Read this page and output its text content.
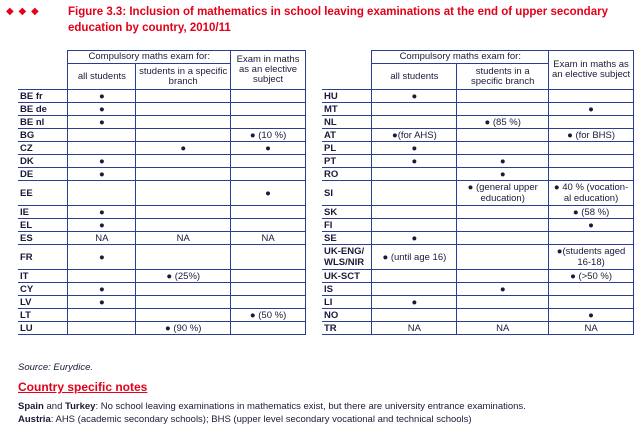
◆ ◆ ◆ Figure 3.3: Inclusion of mathematics in school leaving examinations at the end of upper secondary education by country, 2010/11
	Compulsory maths exam for:		Exam in maths as an elective subject
	all students	students in a specific branch	
BE fr	●		
BE de	●		
BE nl	●		
BG			● (10 %)
CZ		●	●
DK	●		
DE	●		
EE			●
IE	●		
EL	●		
ES	NA	NA	NA
FR	●		
IT		● (25%)	
CY	●		
LV	●		
LT			● (50 %)
LU		● (90 %)	
	Compulsory maths exam for:		Exam in maths as an elective subject
	all students	students in a specific branch	
HU	●		
MT			●
NL		● (85 %)	
AT	●(for AHS)		● (for BHS)
PL	●		
PT	●	●	
RO		●	
SI		● (general upper education)	● 40 % (vocation-al education)
SK			● (58 %)
FI			●
SE	●		
UK-ENG/ WLS/NIR	● (until age 16)		●(students aged 16-18)
UK-SCT			● (>50 %)
IS		●	
LI	●		
NO			●
TR	NA	NA	NA
Source: Eurydice.
Country specific notes
Spain and Turkey: No school leaving examinations in mathematics exist, but there are university entrance examinations.
Austria: AHS (academic secondary schools); BHS (upper level secondary vocational and technical schools)
